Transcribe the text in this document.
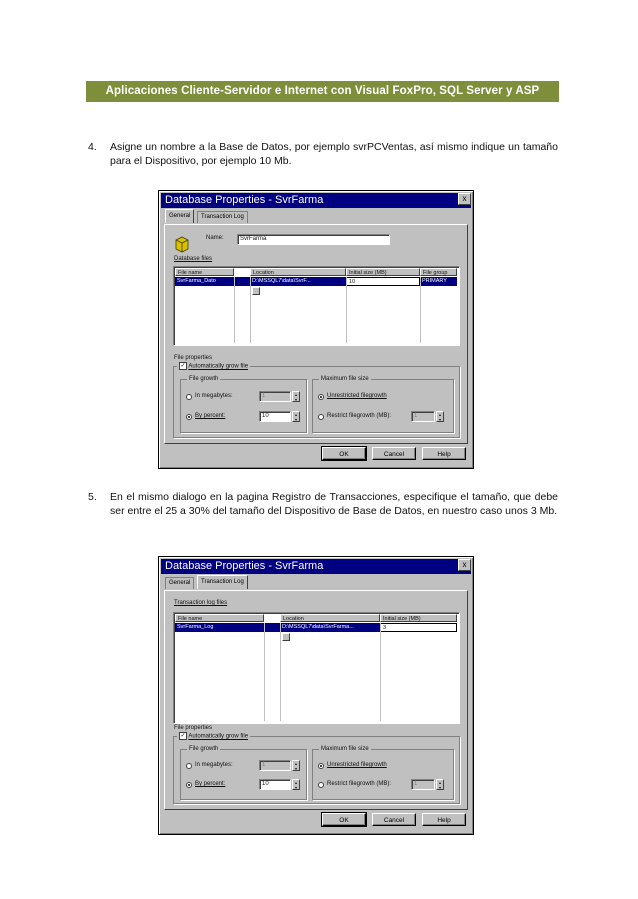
Aplicaciones Cliente-Servidor e Internet con Visual FoxPro, SQL Server y ASP
4. Asigne un nombre a la Base de Datos, por ejemplo svrPCVentas, así mismo indique un tamaño para el Dispositivo, por ejemplo 10 Mb.
Database Properties - SvrFarma	x
General	Transaction Log
Name:	SvrFarma
Database files
File name	Location	Initial size (MB)	File group
SvrFarma_Dato	D:\MSSQL7\data\SvrF...	10	PRIMARY
File properties
✓ Automatically grow file
File growth
In megabytes:	1	▴
▾
By percent:	10	▴
▾
Maximum file size
Unrestricted filegrowth
Restrict filegrowth (MB):	1	▴
▾
OK	Cancel	Help
5. En el mismo dialogo en la pagina Registro de Transacciones, especifique el tamaño, que debe ser entre el 25 a 30% del tamaño del Dispositivo de Base de Datos, en nuestro caso unos 3 Mb.
Database Properties - SvrFarma	x
General	Transaction Log
Transaction log files
File name	Location	Initial size (MB)
SvrFarma_Log	D:\MSSQL7\data\SvrFarma...	3
File properties
✓ Automatically grow file
File growth
In megabytes:	1	▴
▾
By percent:	10	▴
▾
Maximum file size
Unrestricted filegrowth
Restrict filegrowth (MB):	1	▴
▾
OK	Cancel	Help
